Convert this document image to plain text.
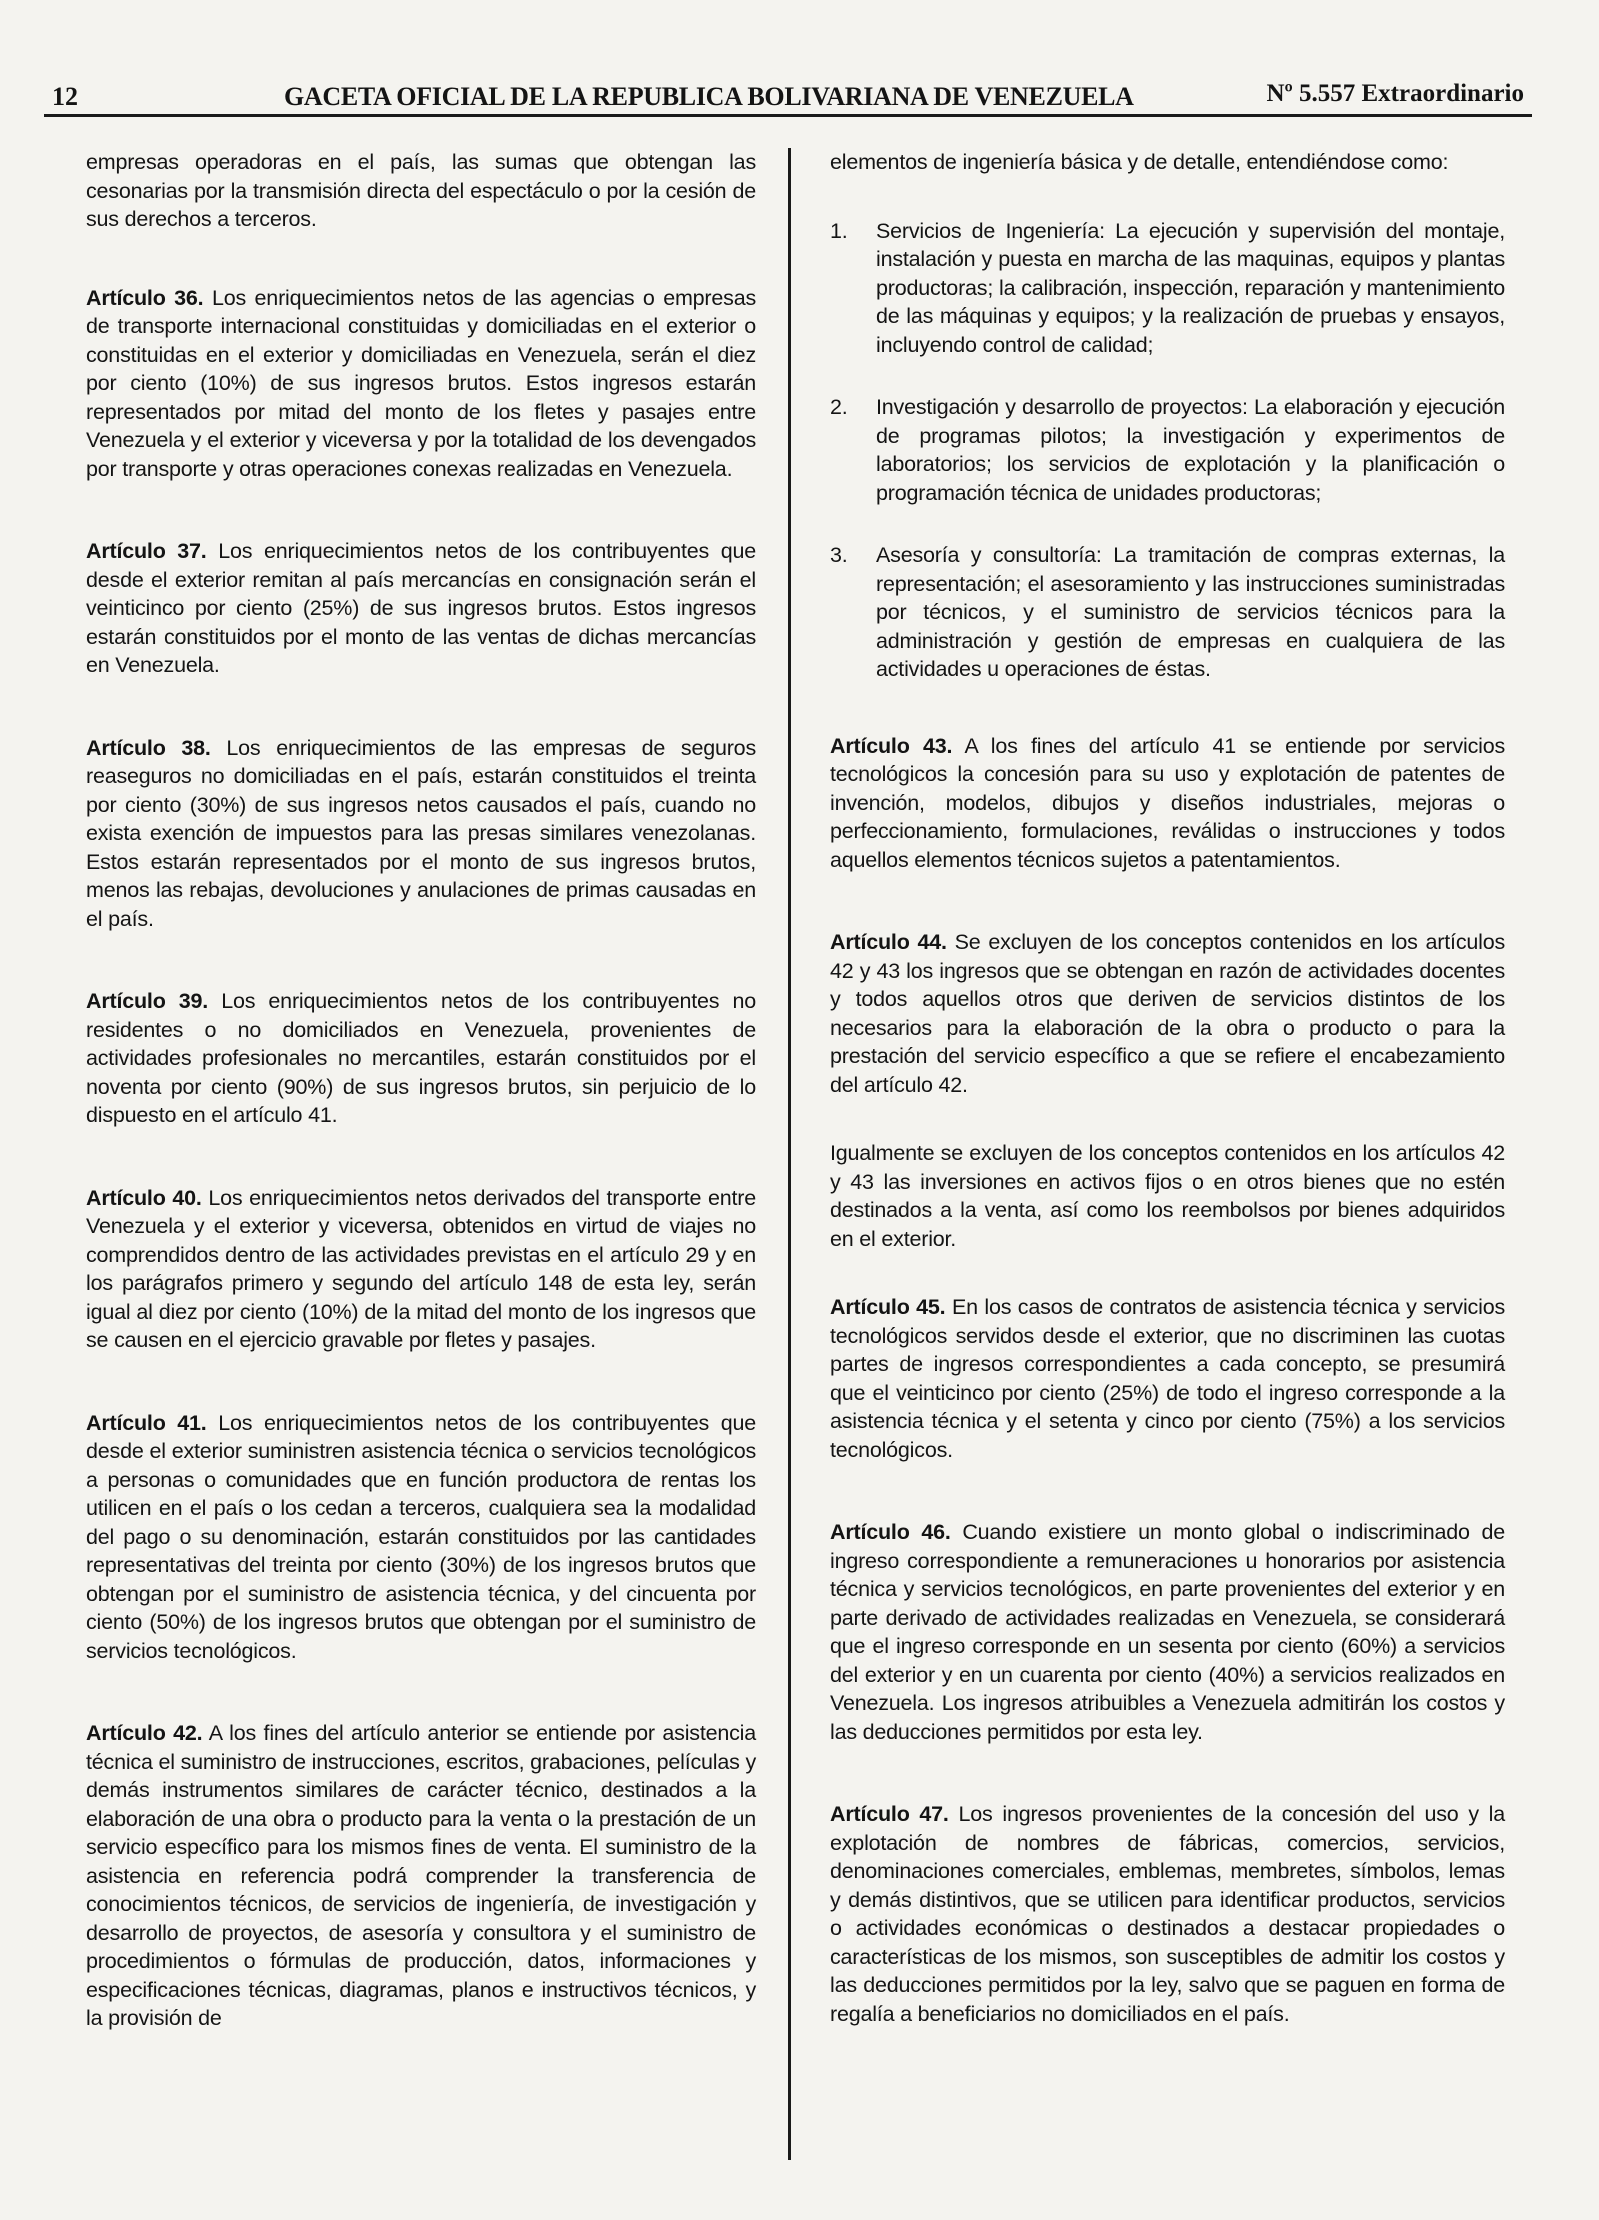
12	GACETA OFICIAL DE LA REPUBLICA BOLIVARIANA DE VENEZUELA	Nº 5.557 Extraordinario

empresas operadoras en el país, las sumas que obtengan las cesonarias por la transmisión directa del espectáculo o por la cesión de sus derechos a terceros.

Artículo 36. Los enriquecimientos netos de las agencias o empresas de transporte internacional constituidas y domiciliadas en el exterior o constituidas en el exterior y domiciliadas en Venezuela, serán el diez por ciento (10%) de sus ingresos brutos. Estos ingresos estarán representados por mitad del monto de los fletes y pasajes entre Venezuela y el exterior y viceversa y por la totalidad de los devengados por transporte y otras operaciones conexas realizadas en Venezuela.

Artículo 37. Los enriquecimientos netos de los contribuyentes que desde el exterior remitan al país mercancías en consignación serán el veinticinco por ciento (25%) de sus ingresos brutos. Estos ingresos estarán constituidos por el monto de las ventas de dichas mercancías en Venezuela.

Artículo 38. Los enriquecimientos de las empresas de seguros reaseguros no domiciliadas en el país, estarán constituidos el treinta por ciento (30%) de sus ingresos netos causados el país, cuando no exista exención de impuestos para las presas similares venezolanas. Estos estarán representados por el monto de sus ingresos brutos, menos las rebajas, devoluciones y anulaciones de primas causadas en el país.

Artículo 39. Los enriquecimientos netos de los contribuyentes no residentes o no domiciliados en Venezuela, provenientes de actividades profesionales no mercantiles, estarán constituidos por el noventa por ciento (90%) de sus ingresos brutos, sin perjuicio de lo dispuesto en el artículo 41.

Artículo 40. Los enriquecimientos netos derivados del transporte entre Venezuela y el exterior y viceversa, obtenidos en virtud de viajes no comprendidos dentro de las actividades previstas en el artículo 29 y en los parágrafos primero y segundo del artículo 148 de esta ley, serán igual al diez por ciento (10%) de la mitad del monto de los ingresos que se causen en el ejercicio gravable por fletes y pasajes.

Artículo 41. Los enriquecimientos netos de los contribuyentes que desde el exterior suministren asistencia técnica o servicios tecnológicos a personas o comunidades que en función productora de rentas los utilicen en el país o los cedan a terceros, cualquiera sea la modalidad del pago o su denominación, estarán constituidos por las cantidades representativas del treinta por ciento (30%) de los ingresos brutos que obtengan por el suministro de asistencia técnica, y del cincuenta por ciento (50%) de los ingresos brutos que obtengan por el suministro de servicios tecnológicos.

Artículo 42. A los fines del artículo anterior se entiende por asistencia técnica el suministro de instrucciones, escritos, grabaciones, películas y demás instrumentos similares de carácter técnico, destinados a la elaboración de una obra o producto para la venta o la prestación de un servicio específico para los mismos fines de venta. El suministro de la asistencia en referencia podrá comprender la transferencia de conocimientos técnicos, de servicios de ingeniería, de investigación y desarrollo de proyectos, de asesoría y consultora y el suministro de procedimientos o fórmulas de producción, datos, informaciones y especificaciones técnicas, diagramas, planos e instructivos técnicos, y la provisión de

elementos de ingeniería básica y de detalle, entendiéndose como:

1. Servicios de Ingeniería: La ejecución y supervisión del montaje, instalación y puesta en marcha de las maquinas, equipos y plantas productoras; la calibración, inspección, reparación y mantenimiento de las máquinas y equipos; y la realización de pruebas y ensayos, incluyendo control de calidad;
2. Investigación y desarrollo de proyectos: La elaboración y ejecución de programas pilotos; la investigación y experimentos de laboratorios; los servicios de explotación y la planificación o programación técnica de unidades productoras;
3. Asesoría y consultoría: La tramitación de compras externas, la representación; el asesoramiento y las instrucciones suministradas por técnicos, y el suministro de servicios técnicos para la administración y gestión de empresas en cualquiera de las actividades u operaciones de éstas.

Artículo 43. A los fines del artículo 41 se entiende por servicios tecnológicos la concesión para su uso y explotación de patentes de invención, modelos, dibujos y diseños industriales, mejoras o perfeccionamiento, formulaciones, reválidas o instrucciones y todos aquellos elementos técnicos sujetos a patentamientos.

Artículo 44. Se excluyen de los conceptos contenidos en los artículos 42 y 43 los ingresos que se obtengan en razón de actividades docentes y todos aquellos otros que deriven de servicios distintos de los necesarios para la elaboración de la obra o producto o para la prestación del servicio específico a que se refiere el encabezamiento del artículo 42.

Igualmente se excluyen de los conceptos contenidos en los artículos 42 y 43 las inversiones en activos fijos o en otros bienes que no estén destinados a la venta, así como los reembolsos por bienes adquiridos en el exterior.

Artículo 45. En los casos de contratos de asistencia técnica y servicios tecnológicos servidos desde el exterior, que no discriminen las cuotas partes de ingresos correspondientes a cada concepto, se presumirá que el veinticinco por ciento (25%) de todo el ingreso corresponde a la asistencia técnica y el setenta y cinco por ciento (75%) a los servicios tecnológicos.

Artículo 46. Cuando existiere un monto global o indiscriminado de ingreso correspondiente a remuneraciones u honorarios por asistencia técnica y servicios tecnológicos, en parte provenientes del exterior y en parte derivado de actividades realizadas en Venezuela, se considerará que el ingreso corresponde en un sesenta por ciento (60%) a servicios del exterior y en un cuarenta por ciento (40%) a servicios realizados en Venezuela. Los ingresos atribuibles a Venezuela admitirán los costos y las deducciones permitidos por esta ley.

Artículo 47. Los ingresos provenientes de la concesión del uso y la explotación de nombres de fábricas, comercios, servicios, denominaciones comerciales, emblemas, membretes, símbolos, lemas y demás distintivos, que se utilicen para identificar productos, servicios o actividades económicas o destinados a destacar propiedades o características de los mismos, son susceptibles de admitir los costos y las deducciones permitidos por la ley, salvo que se paguen en forma de regalía a beneficiarios no domiciliados en el país.
